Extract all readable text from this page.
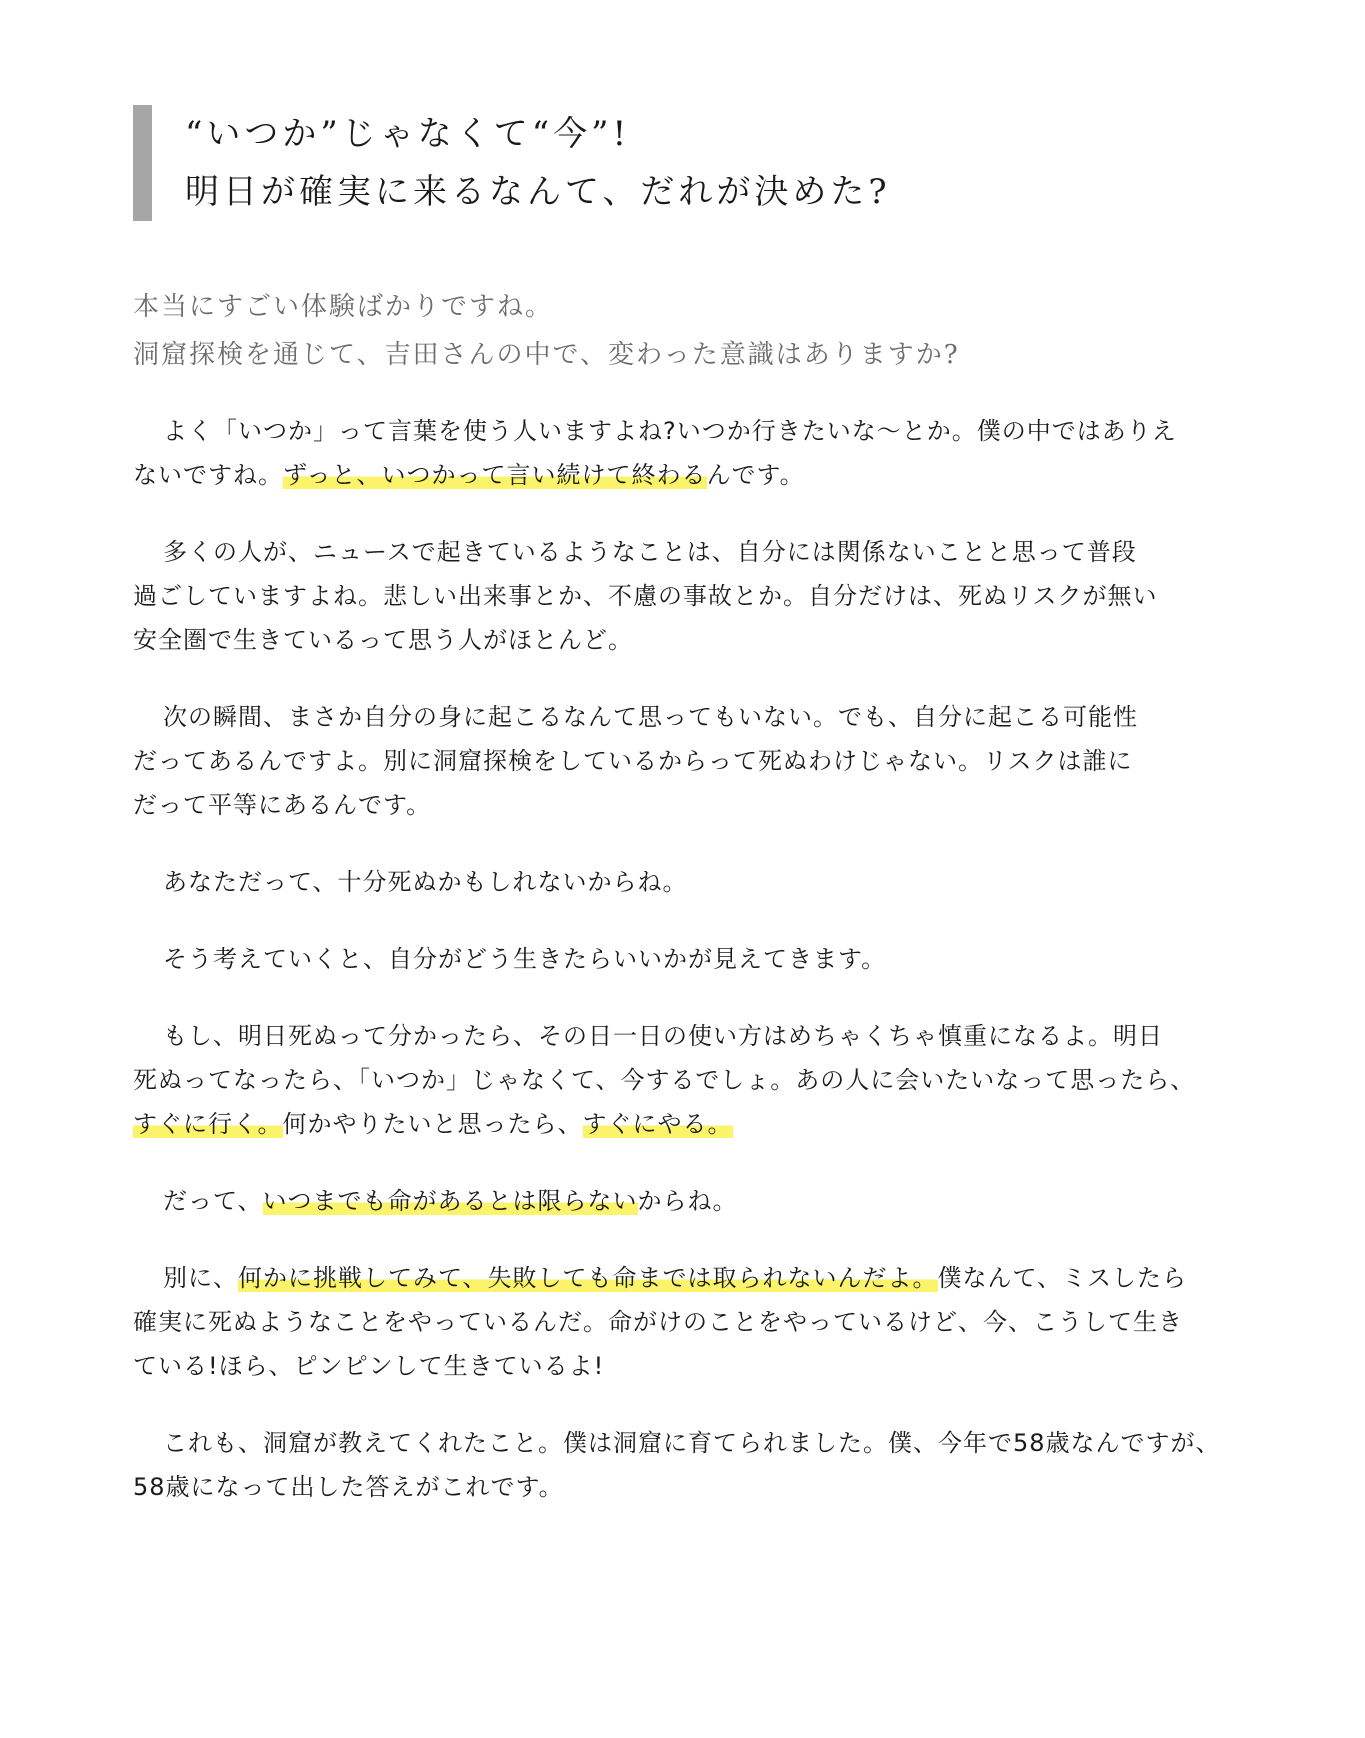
“いつか”じゃなくて“今”!
明日が確実に来るなんて、だれが決めた?
本当にすごい体験ばかりですね。
洞窟探検を通じて、吉田さんの中で、変わった意識はありますか?

よく「いつか」って言葉を使う人いますよね?いつか行きたいな〜とか。僕の中ではありえ
ないですね。ずっと、いつかって言い続けて終わるんです。

多くの人が、ニュースで起きているようなことは、自分には関係ないことと思って普段
過ごしていますよね。悲しい出来事とか、不慮の事故とか。自分だけは、死ぬリスクが無い
安全圏で生きているって思う人がほとんど。

次の瞬間、まさか自分の身に起こるなんて思ってもいない。でも、自分に起こる可能性
だってあるんですよ。別に洞窟探検をしているからって死ぬわけじゃない。リスクは誰に
だって平等にあるんです。

あなただって、十分死ぬかもしれないからね。

そう考えていくと、自分がどう生きたらいいかが見えてきます。

もし、明日死ぬって分かったら、その日一日の使い方はめちゃくちゃ慎重になるよ。明日
死ぬってなったら、「いつか」じゃなくて、今するでしょ。あの人に会いたいなって思ったら、
すぐに行く。何かやりたいと思ったら、すぐにやる。

だって、いつまでも命があるとは限らないからね。

別に、何かに挑戦してみて、失敗しても命までは取られないんだよ。僕なんて、ミスしたら
確実に死ぬようなことをやっているんだ。命がけのことをやっているけど、今、こうして生き
ている!ほら、ピンピンして生きているよ!

これも、洞窟が教えてくれたこと。僕は洞窟に育てられました。僕、今年で58歳なんですが、
58歳になって出した答えがこれです。
